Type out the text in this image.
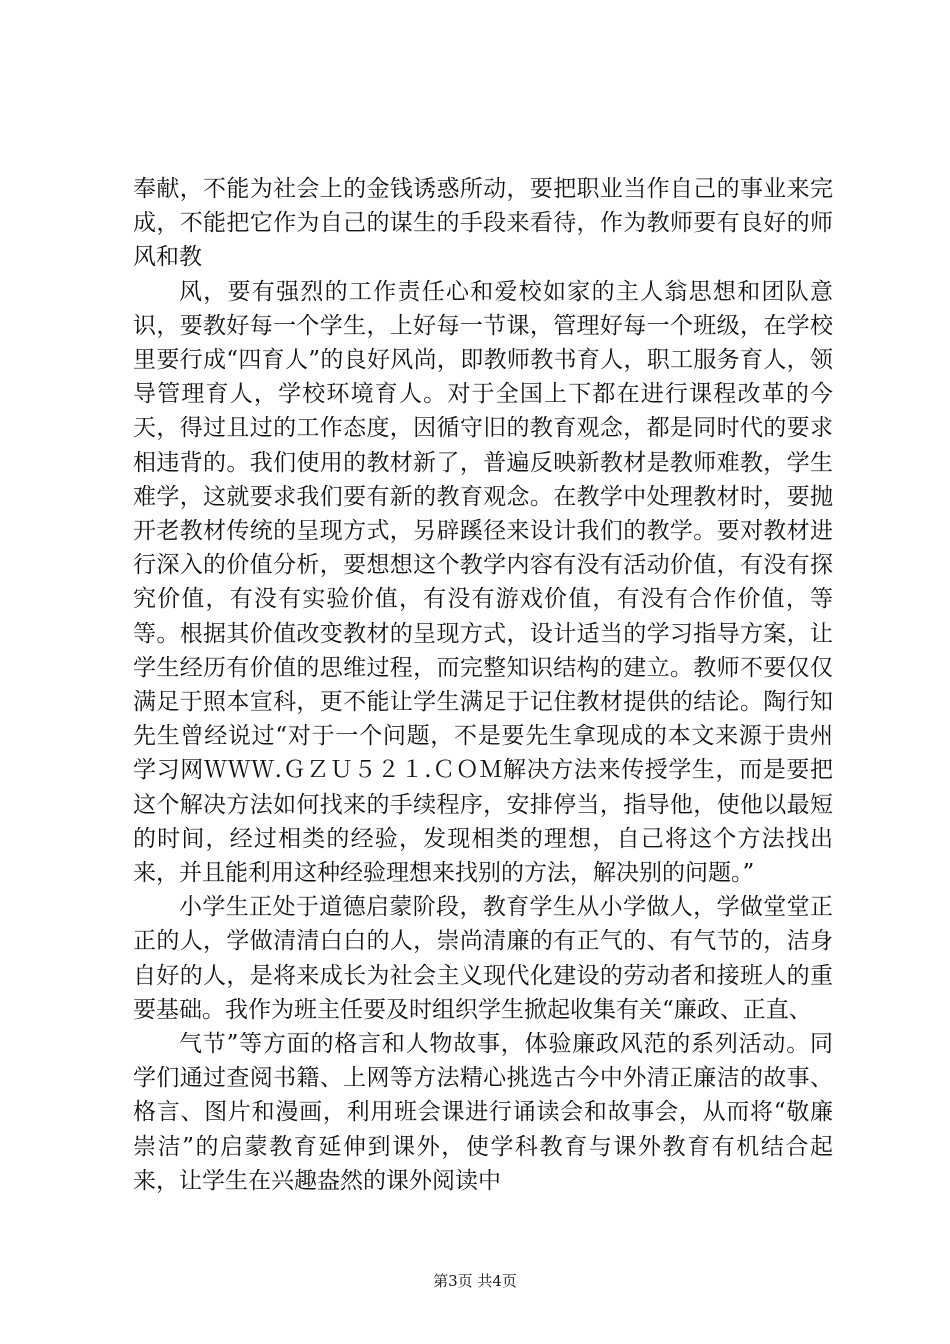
奉献，不能为社会上的金钱诱惑所动，要把职业当作自己的事业来完成，不能把它作为自己的谋生的手段来看待，作为教师要有良好的师风和教

风，要有强烈的工作责任心和爱校如家的主人翁思想和团队意识，要教好每一个学生，上好每一节课，管理好每一个班级，在学校里要行成“四育人”的良好风尚，即教师教书育人，职工服务育人，领导管理育人，学校环境育人。对于全国上下都在进行课程改革的今天，得过且过的工作态度，因循守旧的教育观念，都是同时代的要求相违背的。我们使用的教材新了，普遍反映新教材是教师难教，学生难学，这就要求我们要有新的教育观念。在教学中处理教材时，要抛开老教材传统的呈现方式，另辟蹊径来设计我们的教学。要对教材进行深入的价值分析，要想想这个教学内容有没有活动价值，有没有探究价值，有没有实验价值，有没有游戏价值，有没有合作价值，等等。根据其价值改变教材的呈现方式，设计适当的学习指导方案，让学生经历有价值的思维过程，而完整知识结构的建立。教师不要仅仅满足于照本宣科，更不能让学生满足于记住教材提供的结论。陶行知先生曾经说过“对于一个问题，不是要先生拿现成的本文来源于贵州学习网ＷＷＷ.ＧＺＵ５２１.ＣＯＭ解决方法来传授学生，而是要把这个解决方法如何找来的手续程序，安排停当，指导他，使他以最短的时间，经过相类的经验，发现相类的理想，自己将这个方法找出来，并且能利用这种经验理想来找别的方法，解决别的问题。”

小学生正处于道德启蒙阶段，教育学生从小学做人，学做堂堂正正的人，学做清清白白的人，崇尚清廉的有正气的、有气节的，洁身自好的人，是将来成长为社会主义现代化建设的劳动者和接班人的重要基础。我作为班主任要及时组织学生掀起收集有关“廉政、正直、

气节”等方面的格言和人物故事，体验廉政风范的系列活动。同学们通过查阅书籍、上网等方法精心挑选古今中外清正廉洁的故事、格言、图片和漫画，利用班会课进行诵读会和故事会，从而将“敬廉崇洁”的启蒙教育延伸到课外，使学科教育与课外教育有机结合起来，让学生在兴趣盎然的课外阅读中

第3页 共4页
